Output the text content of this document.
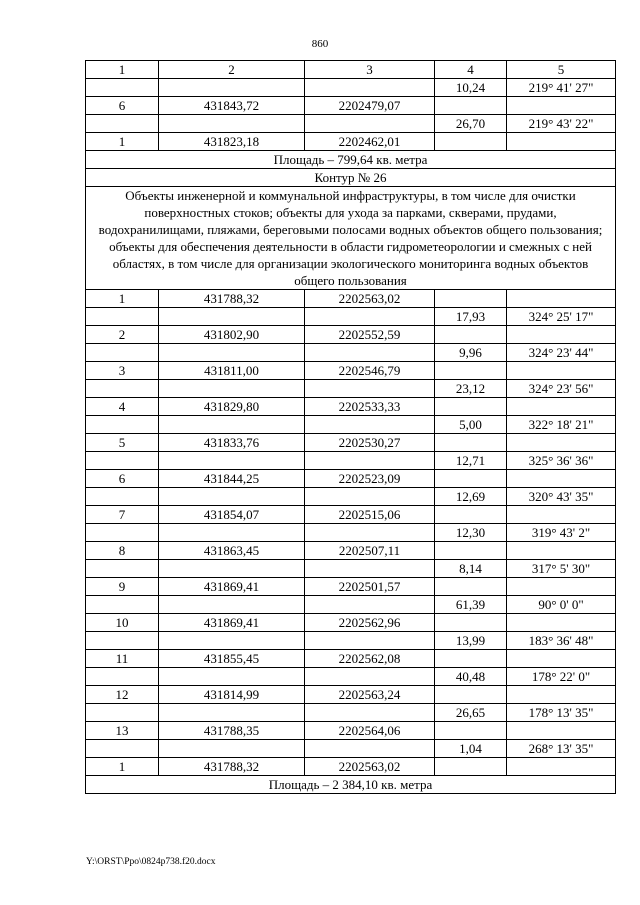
860
1	2	3	4	5
			10,24	219° 41' 27"
6	431843,72	2202479,07		
			26,70	219° 43' 22"
1	431823,18	2202462,01		
Площадь – 799,64 кв. метра				
Контур № 26				
Объекты инженерной и коммунальной инфраструктуры, в том числе для очистки поверхностных стоков; объекты для ухода за парками, скверами, прудами, водохранилищами, пляжами, береговыми полосами водных объектов общего пользования; объекты для обеспечения деятельности в области гидрометеорологии и смежных с ней областях, в том числе для организации экологического мониторинга водных объектов общего пользования				
1	431788,32	2202563,02		
			17,93	324° 25' 17"
2	431802,90	2202552,59		
			9,96	324° 23' 44"
3	431811,00	2202546,79		
			23,12	324° 23' 56"
4	431829,80	2202533,33		
			5,00	322° 18' 21"
5	431833,76	2202530,27		
			12,71	325° 36' 36"
6	431844,25	2202523,09		
			12,69	320° 43' 35"
7	431854,07	2202515,06		
			12,30	319° 43' 2"
8	431863,45	2202507,11		
			8,14	317° 5' 30"
9	431869,41	2202501,57		
			61,39	90° 0' 0"
10	431869,41	2202562,96		
			13,99	183° 36' 48"
11	431855,45	2202562,08		
			40,48	178° 22' 0"
12	431814,99	2202563,24		
			26,65	178° 13' 35"
13	431788,35	2202564,06		
			1,04	268° 13' 35"
1	431788,32	2202563,02		
Площадь – 2 384,10 кв. метра				
Y:\ORST\Ppo\0824p738.f20.docx
